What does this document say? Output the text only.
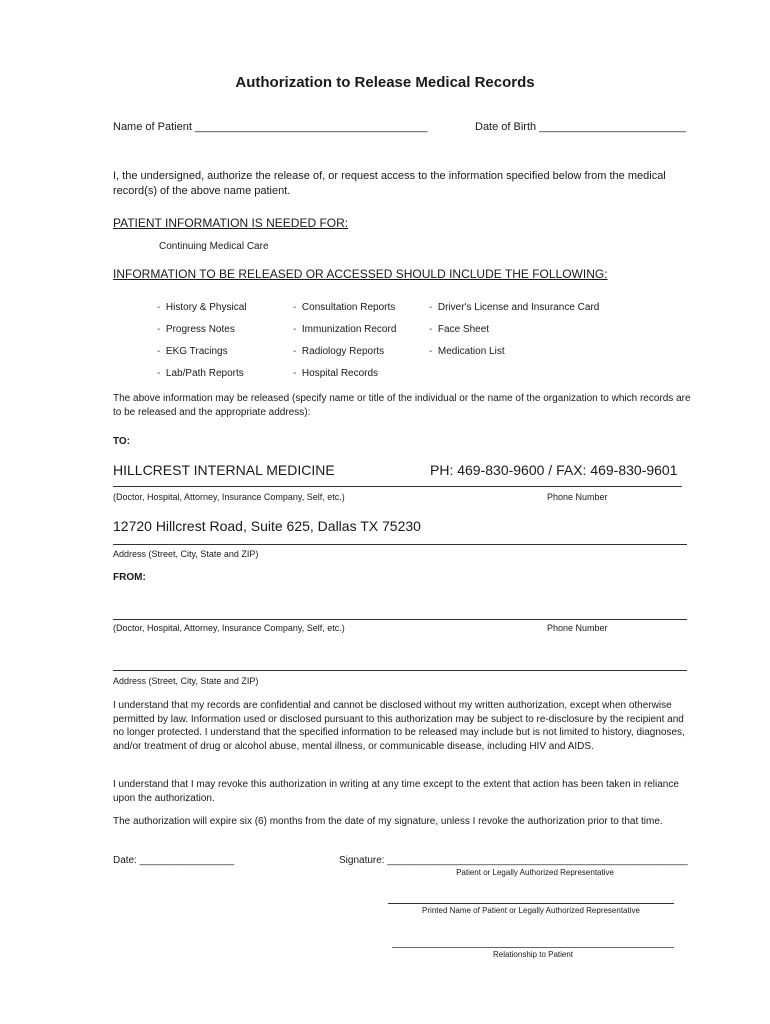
Authorization to Release Medical Records
Name of Patient ______________________________________	Date of Birth ________________________
I, the undersigned, authorize the release of, or request access to the information specified below from the medical record(s) of the above name patient.
PATIENT INFORMATION IS NEEDED FOR:
Continuing Medical Care
INFORMATION TO BE RELEASED OR ACCESSED SHOULD INCLUDE THE FOLLOWING:
- History & Physical
- Progress Notes
- EKG Tracings
- Lab/Path Reports
- Consultation Reports
- Immunization Record
- Radiology Reports
- Hospital Records
- Driver's License and Insurance Card
- Face Sheet
- Medication List
The above information may be released (specify name or title of the individual or the name of the organization to which records are to be released and the appropriate address):
TO:
HILLCREST INTERNAL MEDICINE	PH: 469-830-9600 / FAX: 469-830-9601
(Doctor, Hospital, Attorney, Insurance Company, Self, etc.)	Phone Number
12720 Hillcrest Road, Suite 625, Dallas TX 75230
Address (Street, City, State and ZIP)
FROM:
(Doctor, Hospital, Attorney, Insurance Company, Self, etc.)	Phone Number
Address (Street, City, State and ZIP)
I understand that my records are confidential and cannot be disclosed without my written authorization, except when otherwise permitted by law. Information used or disclosed pursuant to this authorization may be subject to re-disclosure by the recipient and no longer protected. I understand that the specified information to be released may include but is not limited to history, diagnoses, and/or treatment of drug or alcohol abuse, mental illness, or communicable disease, including HIV and AIDS.
I understand that I may revoke this authorization in writing at any time except to the extent that action has been taken in reliance upon the authorization.
The authorization will expire six (6) months from the date of my signature, unless I revoke the authorization prior to that time.
Date: _________________	Signature: ______________________________________________________
Patient or Legally Authorized Representative
Printed Name of Patient or Legally Authorized Representative
Relationship to Patient
